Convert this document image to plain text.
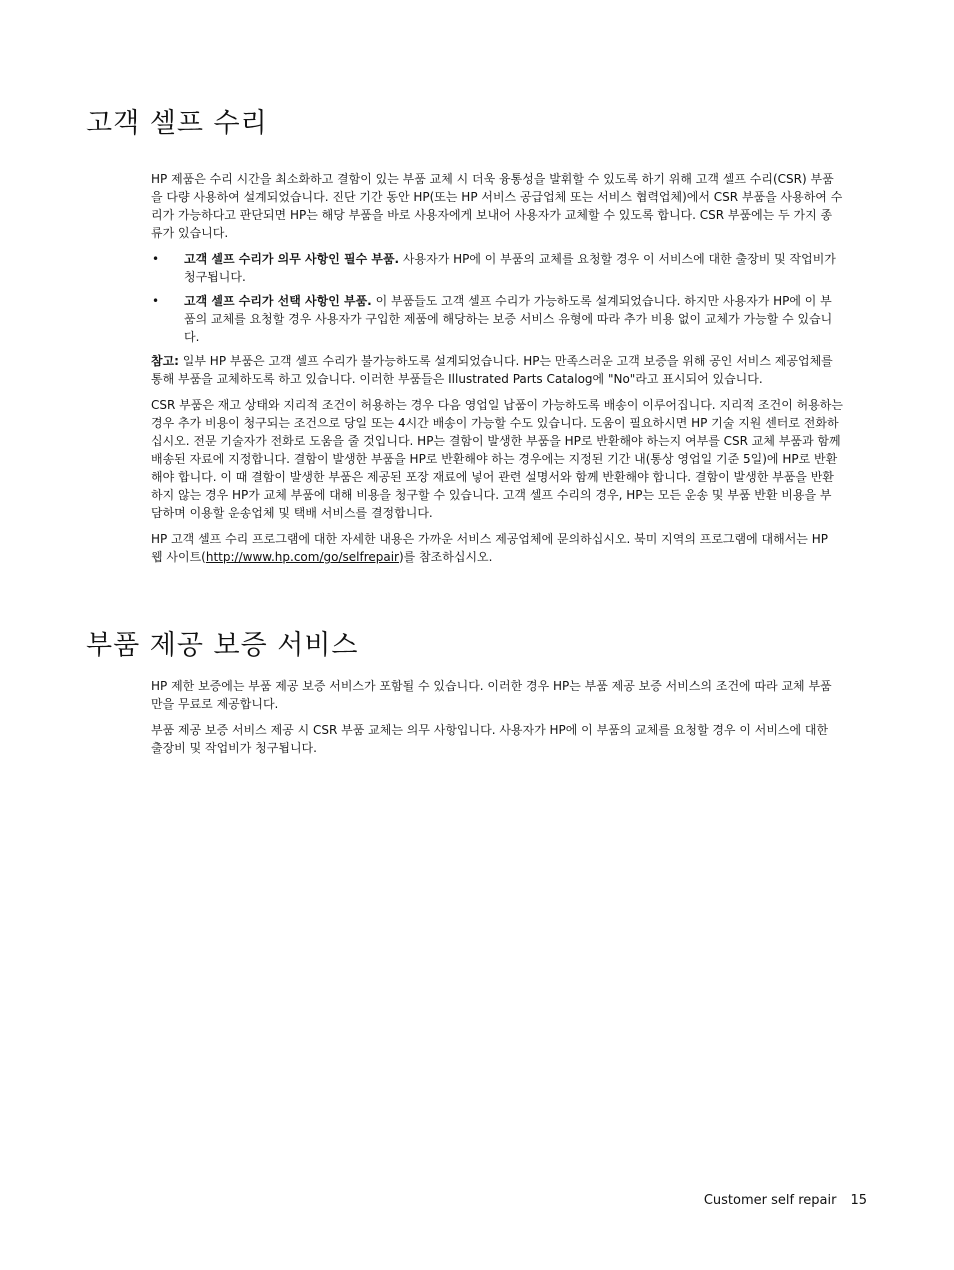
고객 셀프 수리

HP 제품은 수리 시간을 최소화하고 결함이 있는 부품 교체 시 더욱 융통성을 발휘할 수 있도록 하기 위해 고객 셀프 수리(CSR) 부품을 다량 사용하여 설계되었습니다. 진단 기간 동안 HP(또는 HP 서비스 공급업체 또는 서비스 협력업체)에서 CSR 부품을 사용하여 수리가 가능하다고 판단되면 HP는 해당 부품을 바로 사용자에게 보내어 사용자가 교체할 수 있도록 합니다. CSR 부품에는 두 가지 종류가 있습니다.

• 고객 셀프 수리가 의무 사항인 필수 부품. 사용자가 HP에 이 부품의 교체를 요청할 경우 이 서비스에 대한 출장비 및 작업비가 청구됩니다.
• 고객 셀프 수리가 선택 사항인 부품. 이 부품들도 고객 셀프 수리가 가능하도록 설계되었습니다. 하지만 사용자가 HP에 이 부품의 교체를 요청할 경우 사용자가 구입한 제품에 해당하는 보증 서비스 유형에 따라 추가 비용 없이 교체가 가능할 수 있습니다.

참고: 일부 HP 부품은 고객 셀프 수리가 불가능하도록 설계되었습니다. HP는 만족스러운 고객 보증을 위해 공인 서비스 제공업체를 통해 부품을 교체하도록 하고 있습니다. 이러한 부품들은 Illustrated Parts Catalog에 "No"라고 표시되어 있습니다.

CSR 부품은 재고 상태와 지리적 조건이 허용하는 경우 다음 영업일 납품이 가능하도록 배송이 이루어집니다. 지리적 조건이 허용하는 경우 추가 비용이 청구되는 조건으로 당일 또는 4시간 배송이 가능할 수도 있습니다. 도움이 필요하시면 HP 기술 지원 센터로 전화하십시오. 전문 기술자가 전화로 도움을 줄 것입니다. HP는 결함이 발생한 부품을 HP로 반환해야 하는지 여부를 CSR 교체 부품과 함께 배송된 자료에 지정합니다. 결함이 발생한 부품을 HP로 반환해야 하는 경우에는 지정된 기간 내(통상 영업일 기준 5일)에 HP로 반환해야 합니다. 이 때 결함이 발생한 부품은 제공된 포장 재료에 넣어 관련 설명서와 함께 반환해야 합니다. 결함이 발생한 부품을 반환하지 않는 경우 HP가 교체 부품에 대해 비용을 청구할 수 있습니다. 고객 셀프 수리의 경우, HP는 모든 운송 및 부품 반환 비용을 부담하며 이용할 운송업체 및 택배 서비스를 결정합니다.

HP 고객 셀프 수리 프로그램에 대한 자세한 내용은 가까운 서비스 제공업체에 문의하십시오. 북미 지역의 프로그램에 대해서는 HP 웹 사이트(http://www.hp.com/go/selfrepair)를 참조하십시오.

부품 제공 보증 서비스

HP 제한 보증에는 부품 제공 보증 서비스가 포함될 수 있습니다. 이러한 경우 HP는 부품 제공 보증 서비스의 조건에 따라 교체 부품만을 무료로 제공합니다.

부품 제공 보증 서비스 제공 시 CSR 부품 교체는 의무 사항입니다. 사용자가 HP에 이 부품의 교체를 요청할 경우 이 서비스에 대한 출장비 및 작업비가 청구됩니다.

Customer self repair 15
